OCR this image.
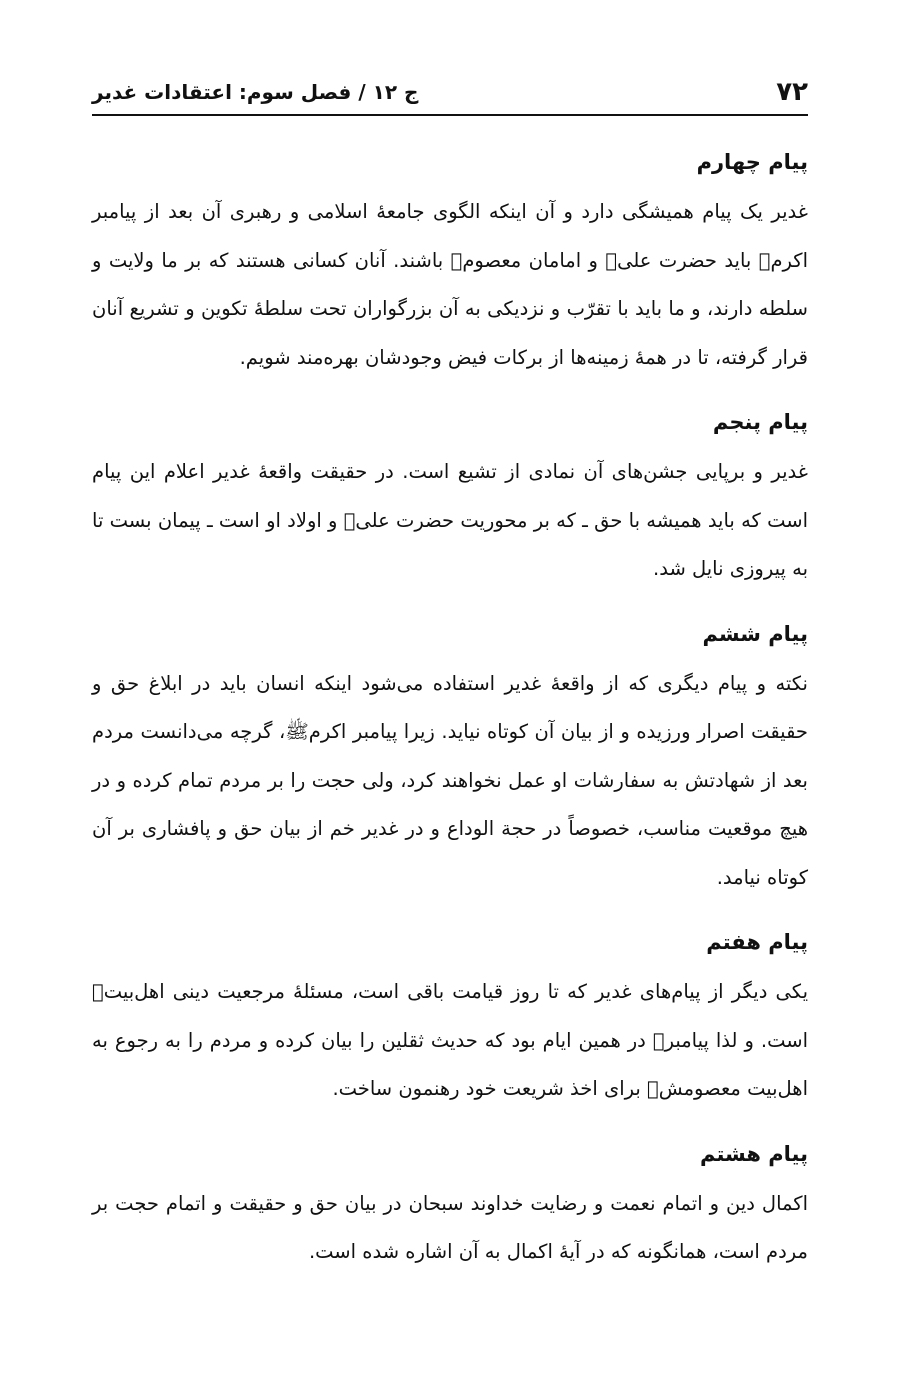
۷۲
ج ۱۲ / فصل سوم: اعتقادات غدیر
پیام چهارم

غدیر یک پیام همیشگی دارد و آن اینکه الگوی جامعهٔ اسلامی و رهبری آن بعد از پیامبر اکرمﷺ باید حضرت علیؑ و امامان معصومؑ باشند. آنان کسانی هستند که بر ما ولایت و سلطه دارند، و ما باید با تقرّب و نزدیکی به آن بزرگواران تحت سلطهٔ تکوین و تشریع آنان قرار گرفته، تا در همهٔ زمینه‌ها از برکات فیض وجودشان بهره‌مند شویم.

پیام پنجم

غدیر و برپایی جشن‌های آن نمادی از تشیع است. در حقیقت واقعهٔ غدیر اعلام این پیام است که باید همیشه با حق ـ که بر محوریت حضرت علیؑ و اولاد او است ـ پیمان بست تا به پیروزی نایل شد.

پیام ششم

نکته و پیام دیگری که از واقعهٔ غدیر استفاده می‌شود اینکه انسان باید در ابلاغ حق و حقیقت اصرار ورزیده و از بیان آن کوتاه نیاید. زیرا پیامبر اکرمﷺ، گرچه می‌دانست مردم بعد از شهادتش به سفارشات او عمل نخواهند کرد، ولی حجت را بر مردم تمام کرده و در هیچ موقعیت مناسب، خصوصاً در حجة الوداع و در غدیر خم از بیان حق و پافشاری بر آن کوتاه نیامد.

پیام هفتم

یکی دیگر از پیام‌های غدیر که تا روز قیامت باقی است، مسئلهٔ مرجعیت دینی اهل‌بیتؑ است. و لذا پیامبرﷺ در همین ایام بود که حدیث ثقلین را بیان کرده و مردم را به رجوع به اهل‌بیت معصومشؑ برای اخذ شریعت خود رهنمون ساخت.

پیام هشتم

اکمال دین و اتمام نعمت و رضایت خداوند سبحان در بیان حق و حقیقت و اتمام حجت بر مردم است، همانگونه که در آیهٔ اکمال به آن اشاره شده است.
